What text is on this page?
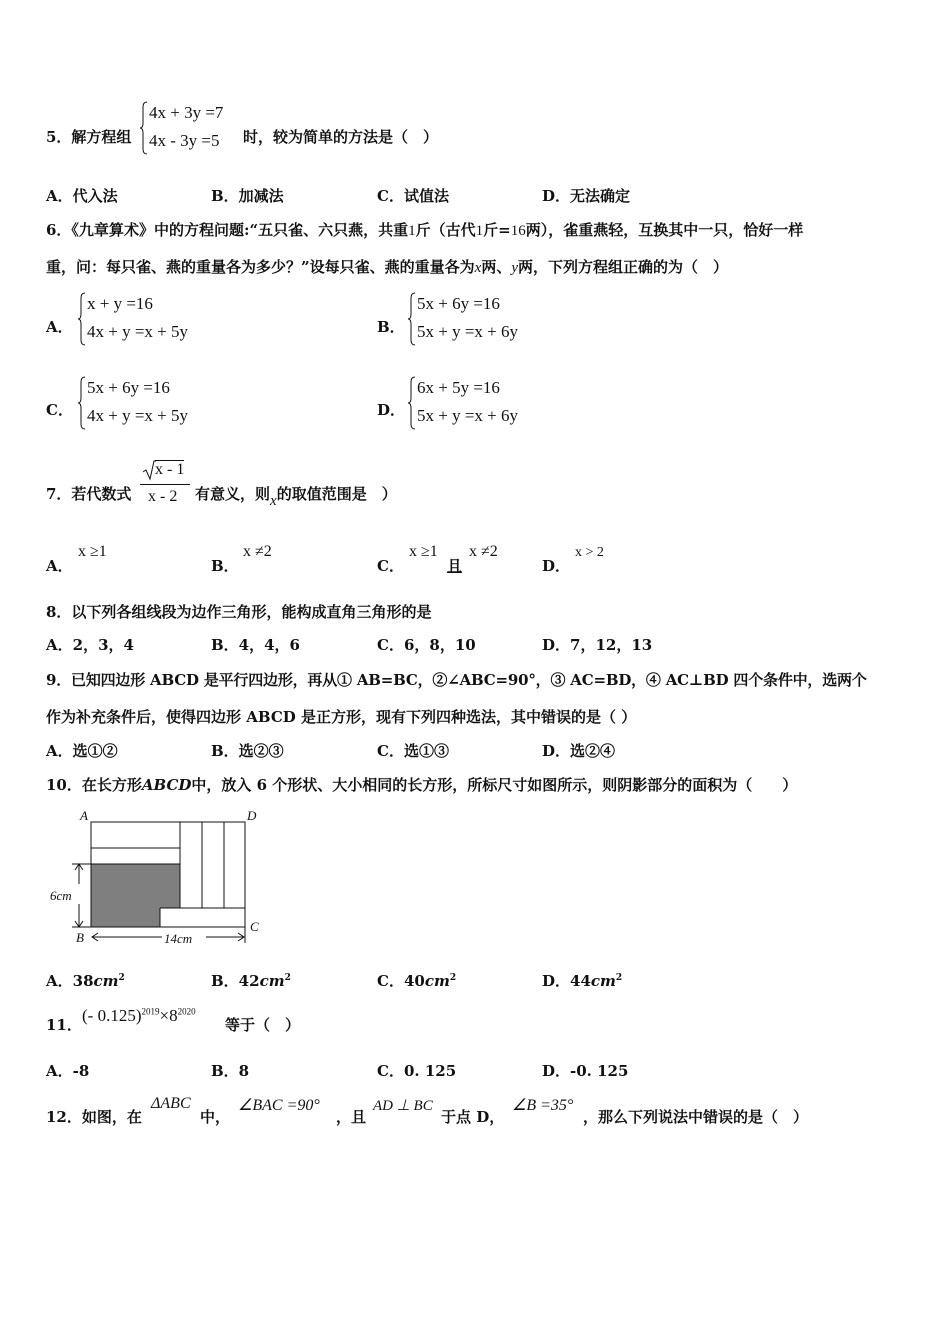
5．解方程组
4x + 3y =7
4x - 3y =5 时，较为简单的方法是（　）
A．代入法	B．加减法	C．试值法	D．无法确定
6．《九章算术》中的方程问题:“五只雀、六只燕，共重1斤（古代1斤=16两），雀重燕轻，互换其中一只，恰好一样
重，问：每只雀、燕的重量各为多少？”设每只雀、燕的重量各为x两、y两，下列方程组正确的为（　）
A．
x + y =16
4x + y =x + 5y	B．
5x + 6y =16
5x + y =x + 6y
C．
5x + 6y =16
4x + y =x + 5y	D．
6x + 5y =16
5x + y =x + 6y
7．若代数式
x - 1
x - 2 有意义，则x的取值范围是　）
A．
x ≥1
B．
x ≠2
C．
x ≥1
且
x ≠2
D．
x > 2
8．以下列各组线段为边作三角形，能构成直角三角形的是
A．2，3，4	B．4，4，6	C．6，8，10	D．7，12，13
9．已知四边形 ABCD 是平行四边形，再从① AB=BC，②∠ABC=90°，③ AC=BD，④ AC⊥BD 四个条件中，选两个
作为补充条件后，使得四边形 ABCD 是正方形，现有下列四种选法，其中错误的是（ ）
A．选①②	B．选②③	C．选①③	D．选②④
10．在长方形ABCD中，放入 6 个形状、大小相同的长方形，所标尺寸如图所示，则阴影部分的面积为（　　）
A	D
B
C
6cm
14cm
A．$38cm^2$	B．$42cm^2$	C．$40cm^2$	D．$44cm^2$
11． (- $0.125)^{2019}\times 8^{2020}$
等于（　）
A．-8	B．8	C．0. 125	D．-0. 125
12．如图，在
ΔABC
中，
∠BAC =90°
，且
AD ⊥ BC
于点 D，
∠B =35°
，那么下列说法中错误的是（　）
